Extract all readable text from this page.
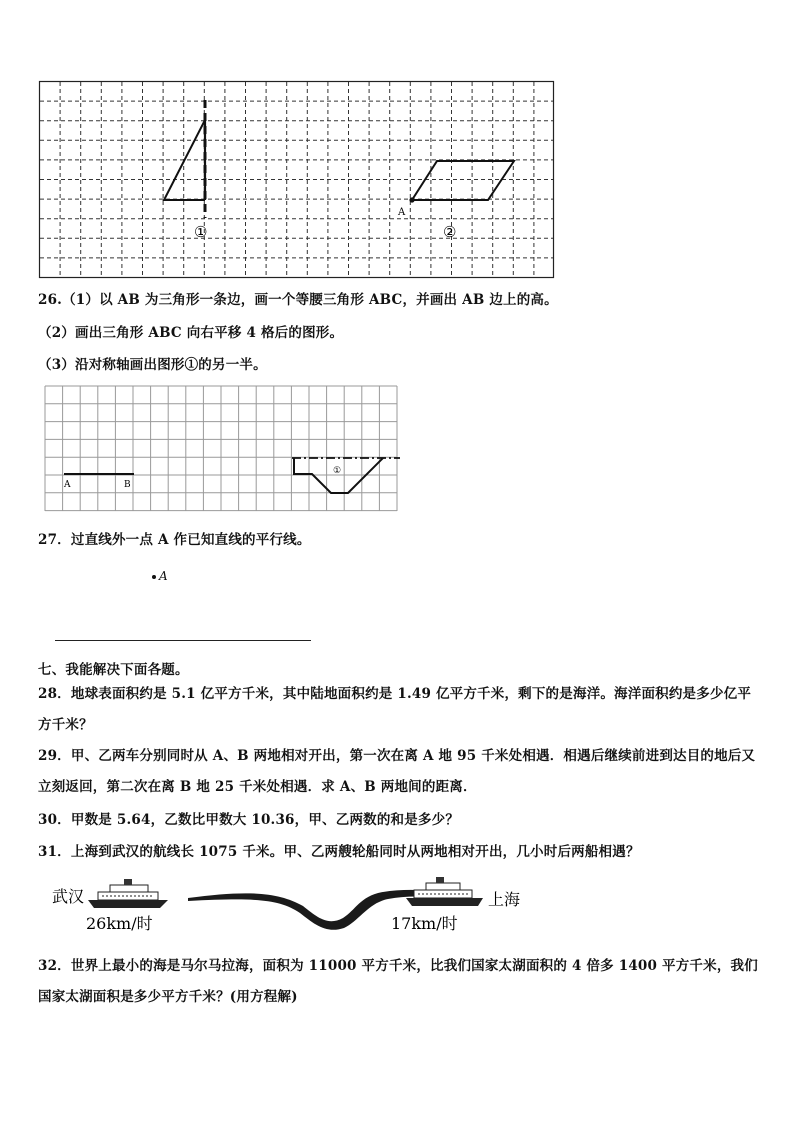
A
①	②
26.（1）以 AB 为三角形一条边，画一个等腰三角形 ABC，并画出 AB 边上的高。
（2）画出三角形 ABC 向右平移 4 格后的图形。
（3）沿对称轴画出图形①的另一半。
A	B
①
27．过直线外一点 A 作已知直线的平行线。
A
七、我能解决下面各题。
28．地球表面积约是 5.1 亿平方千米，其中陆地面积约是 1.49 亿平方千米，剩下的是海洋。海洋面积约是多少亿平方千米？
29．甲、乙两车分别同时从 A、B 两地相对开出，第一次在离 A 地 95 千米处相遇．相遇后继续前进到达目的地后又立刻返回，第二次在离 B 地 25 千米处相遇．求 A、B 两地间的距离．
30．甲数是 5.64，乙数比甲数大 10.36，甲、乙两数的和是多少？
31．上海到武汉的航线长 1075 千米。甲、乙两艘轮船同时从两地相对开出，几小时后两船相遇？
武汉
26km/时
上海
17km/时
32．世界上最小的海是马尔马拉海，面积为 11000 平方千米，比我们国家太湖面积的 4 倍多 1400 平方千米，我们国家太湖面积是多少平方千米？(用方程解)
